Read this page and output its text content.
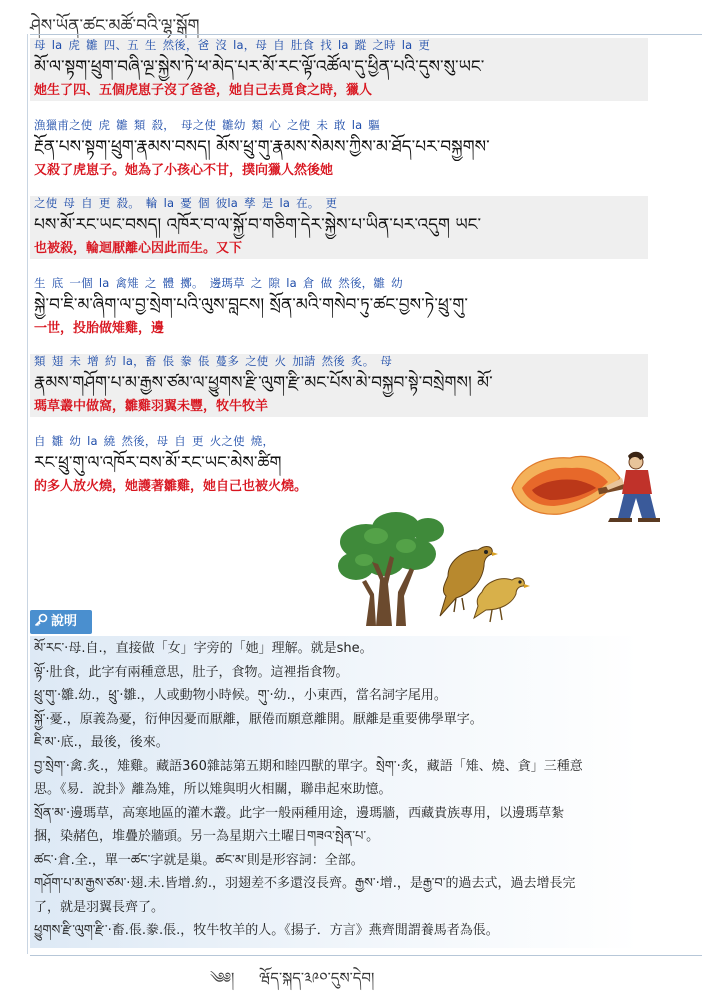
ཤེས་ཡོན་ཚང་མཚོ་བའི་ལྷ་སྒོག
母 la 虎 雛 四、五 生 然後，爸 沒 la，母 自 肚食 找 la 蹤 之時 la 更
མོ་ལ་སྟག་ཕྲུག་བཞི་ལྔ་སྐྱེས་ཏེ་ཕ་མེད་པར་མོ་རང་ལྟོ་འཚོལ་དུ་ཕྱིན་པའི་དུས་སུ་ཡང་
她生了四、五個虎崽子沒了爸爸，她自己去覓食之時，獵人
漁獵甫之使 虎 雛 類 殺， 母之使 雛幼 類 心 之使 未 敢 la 驅
རྔོན་པས་སྟག་ཕྲུག་རྣམས་བསད། མོས་ཕྲུ་གུ་རྣམས་སེམས་ཀྱིས་མ་ཐོད་པར་བསྐྱགས་
又殺了虎崽子。她為了小孩心不甘，撲向獵人然後她
之使 母 自 更 殺。 輪 la 憂 個 彼la 孳 是 la 在。 更
པས་མོ་རང་ཡང་བསད། འཁོར་བ་ལ་སྐྱོ་བ་གཅིག་དེར་སྐྱེས་པ་ཡིན་པར་འདུག ཡང་
也被殺，輪迴厭離心因此而生。又下
生 底 一個 la 禽雉 之 體 擲。 邊瑪草 之 隙 la 倉 做 然後，雛 幼
སྐྱེ་བ་ཇི་མ་ཞིག་ལ་བྱ་སྲེག་པའི་ལུས་བླངས། སྲོན་མའི་གསེབ་ཏུ་ཚང་བྱས་ཏེ་ཕྲུ་གུ་
一世，投胎做雉雞，邊
類 翅 未 增 約 la，畜 倀 豢 倀 蔓多 之使 火 加請 然後 炙。 母
རྣམས་གཤོག་པ་མ་རྒྱས་ཙམ་ལ་ཕྱུགས་རྫི་ལུག་རྫི་མང་པོས་མེ་བསྐྱབ་སྟེ་བསྲེགས། མོ་
瑪草叢中做窩，雛雞羽翼未豐，牧牛牧羊
自 雛 幼 la 繞 然後，母 自 更 火之使 燒，
རང་ཕྲུ་གུ་ལ་འཁོར་བས་མོ་རང་ཡང་མེས་ཚིག
的多人放火燒，她護著雛雞，她自己也被火燒。
說明
མོ་རང་·母.自.，直接做「女」字旁的「她」理解。就是she。
ལྟོ་·肚食，此字有兩種意思，肚子，食物。這裡指食物。
ཕྲུ་གུ་·雛.幼.，ཕྲུ་·雛.，人或動物小時候。གུ་·幼.，小東西，當名詞字尾用。
སྐྱོ་·憂.，原義為憂，衍伸因憂而厭離，厭倦而願意離開。厭離是重要佛學單字。
ཇི་མ་·底.，最後，後來。
བྱ་སྲེག་·禽.炙.，雉雞。藏語360雜誌第五期和睦四獸的單字。སྲེག་·炙，藏語「雉、燒、貪」三種意
思。《易．說卦》離為雉，所以雉與明火相關，聯串起來助憶。
སྲོན་མ་·邊瑪草，高寒地區的灌木叢。此字一般兩種用途，邊瑪牆，西藏貴族專用，以邊瑪草紮
捆，染赭色，堆疊於牆頭。另一為星期六土曜日གཟའ་སྤེན་པ་。
ཚང་·倉.全.，單一ཚང་字就是巢。ཚང་མ་則是形容詞：全部。
གཤོག་པ་མ་རྒྱས་ཙམ་·翅.未.皆增.約.，羽翅差不多還沒長齊。རྒྱས་·增.，是རྒྱ་བ་的過去式，過去增長完
了，就是羽翼長齊了。
ཕྱུགས་རྫི་ལུག་རྫི་·畜.倀.豢.倀.，牧牛牧羊的人。《揚子．方言》燕齊閒謂養馬者為倀。
༄༅། ཝོད་སྐད་༣༩༠་དུས་དེབ།
